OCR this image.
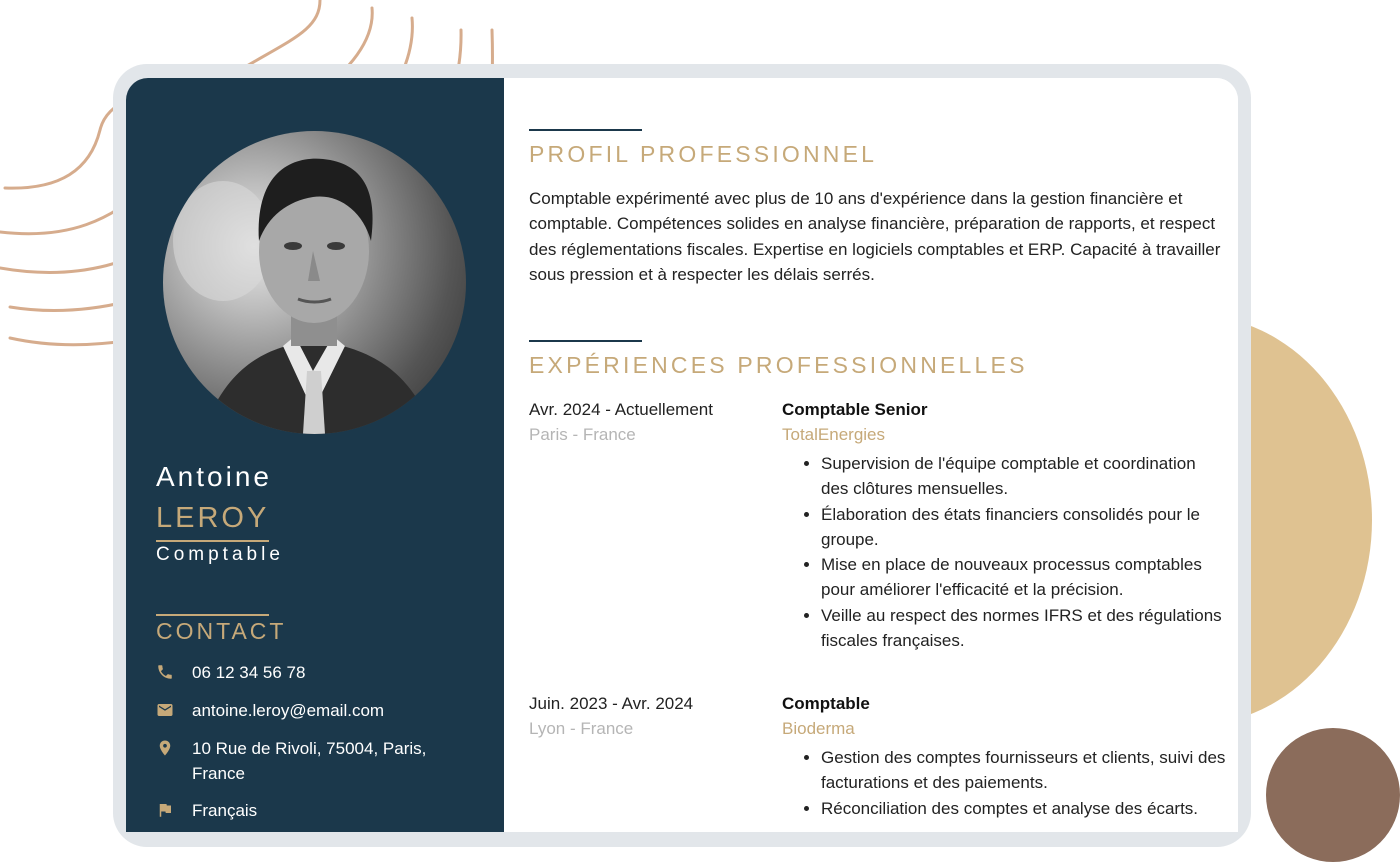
Antoine
LEROY
Comptable
CONTACT
06 12 34 56 78
antoine.leroy@email.com
10 Rue de Rivoli, 75004, Paris, France
Français
PROFIL PROFESSIONNEL
Comptable expérimenté avec plus de 10 ans d'expérience dans la gestion financière et comptable. Compétences solides en analyse financière, préparation de rapports, et respect des réglementations fiscales. Expertise en logiciels comptables et ERP. Capacité à travailler sous pression et à respecter les délais serrés.
EXPÉRIENCES PROFESSIONNELLES
Avr. 2024 - Actuellement
Paris - France
Comptable Senior
TotalEnergies
• Supervision de l'équipe comptable et coordination des clôtures mensuelles.
• Élaboration des états financiers consolidés pour le groupe.
• Mise en place de nouveaux processus comptables pour améliorer l'efficacité et la précision.
• Veille au respect des normes IFRS et des régulations fiscales françaises.
Juin. 2023 - Avr. 2024
Lyon - France
Comptable
Bioderma
• Gestion des comptes fournisseurs et clients, suivi des facturations et des paiements.
• Réconciliation des comptes et analyse des écarts.
